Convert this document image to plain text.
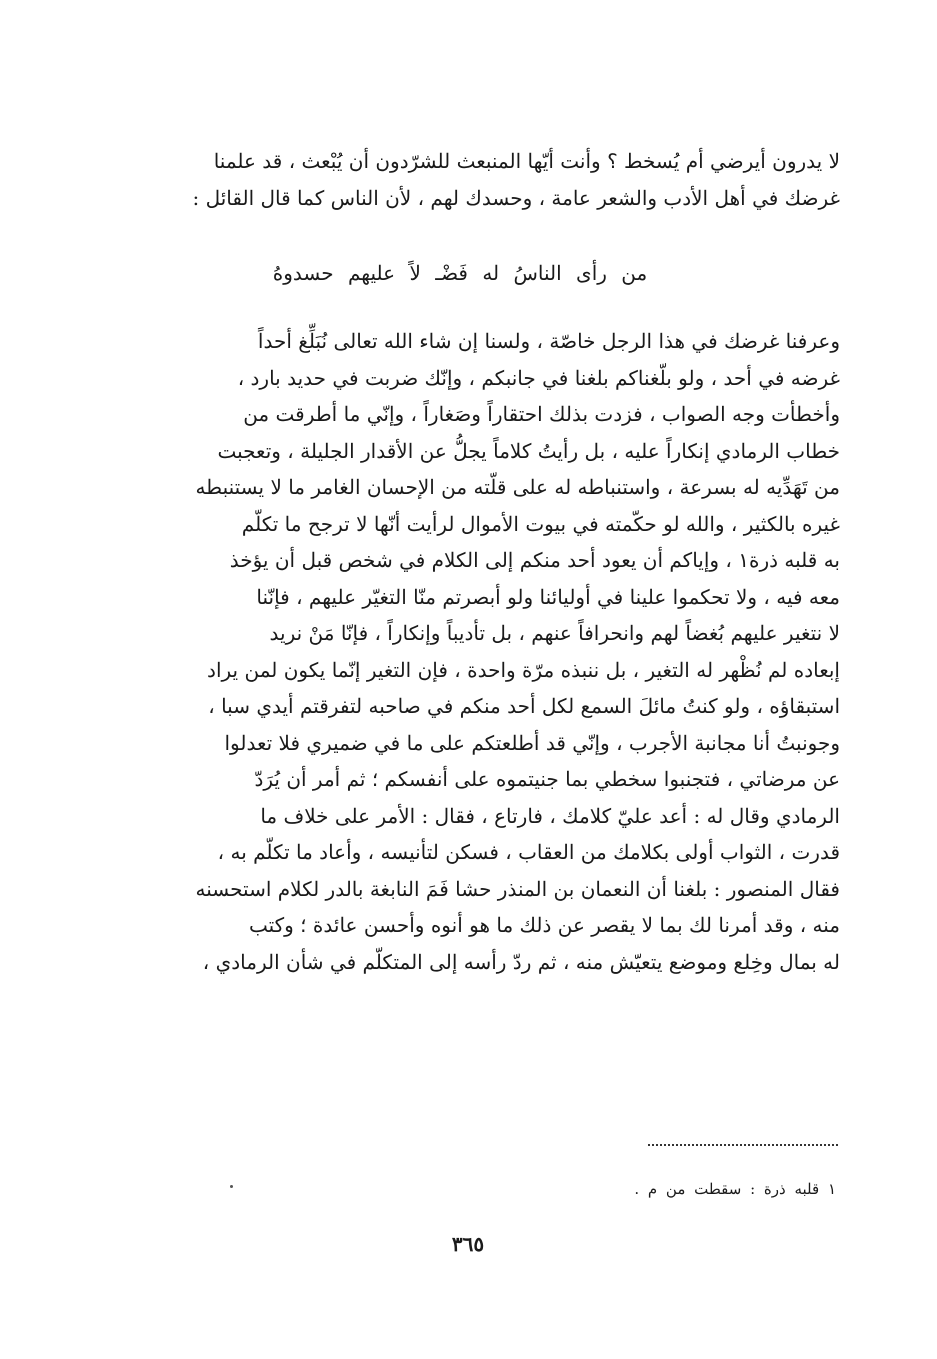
لا يدرون أيرضي أم يُسخط ؟ وأنت أيّها المنبعث للشرّدون أن يُبْعث ، قد علمنا
غرضك في أهل الأدب والشعر عامة ، وحسدك لهم ، لأن الناس كما قال القائل :
من رأى الناسُ له فَضْـ لاً عليهم حسدوهُ
وعرفنا غرضك في هذا الرجل خاصّة ، ولسنا إن شاء الله تعالى نُبَلِّغ أحداً
غرضه في أحد ، ولو بلّغناكم بلغنا في جانبكم ، وإنّك ضربت في حديد بارد ،
وأخطأت وجه الصواب ، فزدت بذلك احتقاراً وصَغاراً ، وإنّي ما أطرقت من
خطاب الرمادي إنكاراً عليه ، بل رأيتُ كلاماً يجلُّ عن الأقدار الجليلة ، وتعجبت
من تَهَدِّيه له بسرعة ، واستنباطه له على قلّته من الإحسان الغامر ما لا يستنبطه
غيره بالكثير ، والله لو حكّمته في بيوت الأموال لرأيت أنّها لا ترجح ما تكلّم
به قلبه ذرة١ ، وإياكم أن يعود أحد منكم إلى الكلام في شخص قبل أن يؤخذ
معه فيه ، ولا تحكموا علينا في أوليائنا ولو أبصرتم منّا التغيّر عليهم ، فإنّنا
لا نتغير عليهم بُغضاً لهم وانحرافاً عنهم ، بل تأديباً وإنكاراً ، فإنّا مَنْ نريد
إبعاده لم نُظْهر له التغير ، بل ننبذه مرّة واحدة ، فإن التغير إنّما يكون لمن يراد
استبقاؤه ، ولو كنتُ مائلَ السمع لكل أحد منكم في صاحبه لتفرقتم أيدي سبا ،
وجونبتُ أنا مجانبة الأجرب ، وإنّي قد أطلعتكم على ما في ضميري فلا تعدلوا
عن مرضاتي ، فتجنبوا سخطي بما جنيتموه على أنفسكم ؛ ثم أمر أن يُرَدّ
الرمادي وقال له : أعد عليّ كلامك ، فارتاع ، فقال : الأمر على خلاف ما
قدرت ، الثواب أولى بكلامك من العقاب ، فسكن لتأنيسه ، وأعاد ما تكلّم به ،
فقال المنصور : بلغنا أن النعمان بن المنذر حشا فَمَ النابغة بالدر لكلام استحسنه
منه ، وقد أمرنا لك بما لا يقصر عن ذلك ما هو أنوه وأحسن عائدة ؛ وكتب
له بمال وخِلع وموضع يتعيّش منه ، ثم ردّ رأسه إلى المتكلّم في شأن الرمادي ،
١ قلبه ذرة : سقطت من م .
٣٦٥
